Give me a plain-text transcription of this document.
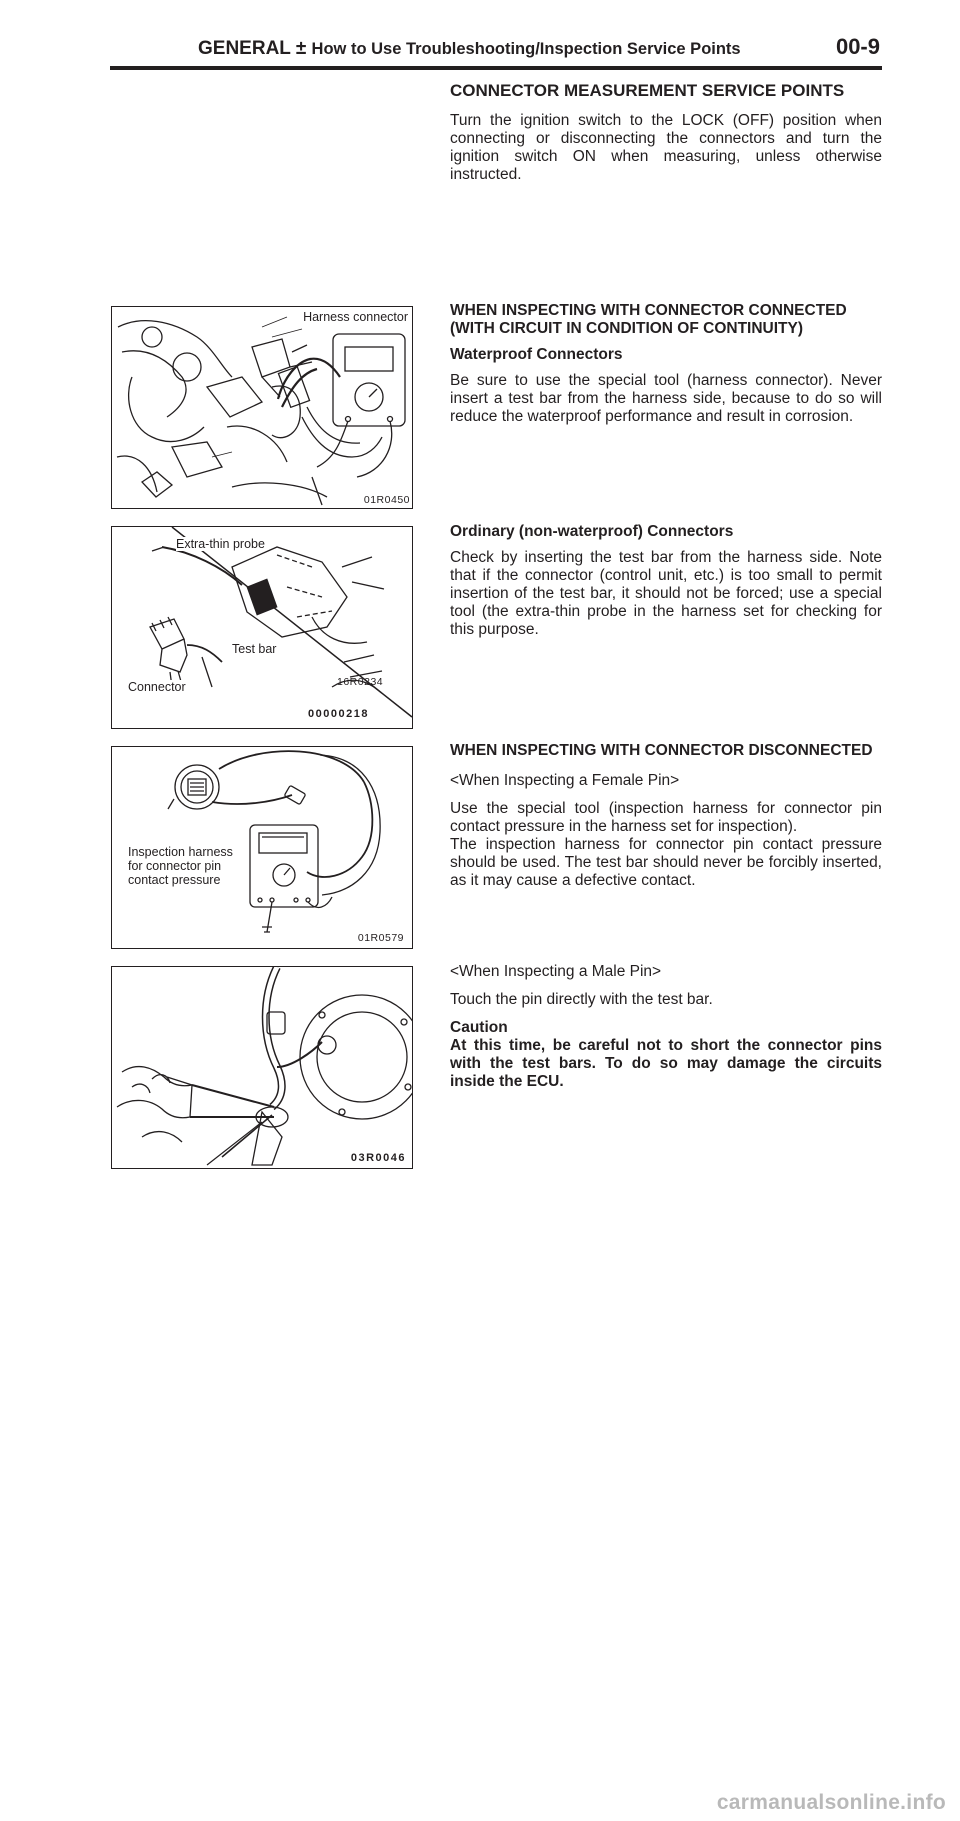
GENERAL ± How to Use Troubleshooting/Inspection Service Points	00-9
CONNECTOR MEASUREMENT SERVICE POINTS

Turn the ignition switch to the LOCK (OFF) position when connecting or disconnecting the connectors and turn the ignition switch ON when measuring, unless otherwise instructed.

WHEN INSPECTING WITH CONNECTOR CONNECTED
(WITH CIRCUIT IN CONDITION OF CONTINUITY)
Waterproof Connectors

Be sure to use the special tool (harness connector). Never insert a test bar from the harness side, because to do so will reduce the waterproof performance and result in corrosion.

Ordinary (non-waterproof) Connectors

Check by inserting the test bar from the harness side. Note that if the connector (control unit, etc.) is too small to permit insertion of the test bar, it should not be forced; use a special tool (the extra-thin probe in the harness set for checking for this purpose.

WHEN INSPECTING WITH CONNECTOR DISCONNECTED
<When Inspecting a Female Pin>

Use the special tool (inspection harness for connector pin contact pressure in the harness set for inspection).

The inspection harness for connector pin contact pressure should be used. The test bar should never be forcibly inserted, as it may cause a defective contact.

<When Inspecting a Male Pin>

Touch the pin directly with the test bar.

Caution

At this time, be careful not to short the connector pins with the test bars. To do so may damage the circuits inside the ECU.

Harness connector
01R0450
Extra-thin probe
Test bar
Connector	16R0234
00000218
Inspection harness
for connector pin
contact pressure
01R0579
03R0046
carmanualsonline.info
